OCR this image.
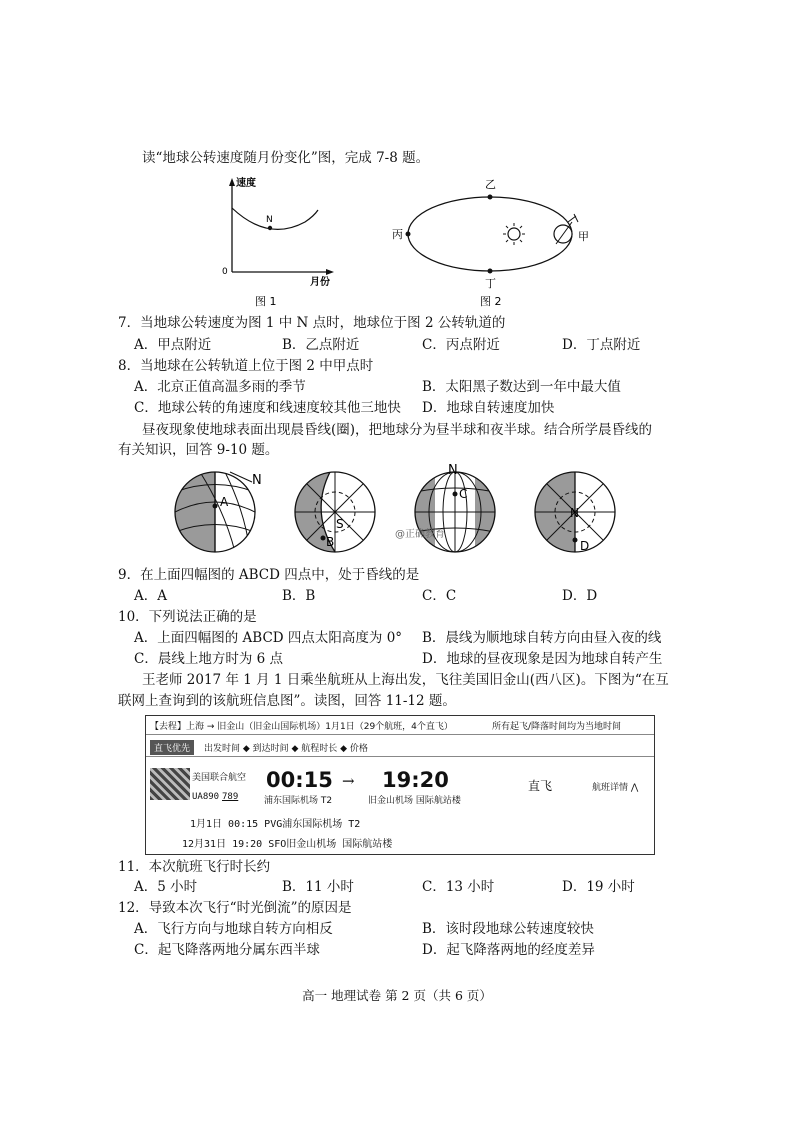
读“地球公转速度随月份变化”图，完成 7-8 题。
N
速度
0
月份
图 1
乙
丙
丁
甲
图 2
7．当地球公转速度为图 1 中 N 点时，地球位于图 2 公转轨道的
A．甲点附近	B．乙点附近	C．丙点附近	D．丁点附近
8．当地球在公转轨道上位于图 2 中甲点时
A．北京正值高温多雨的季节	B．太阳黑子数达到一年中最大值
C．地球公转的角速度和线速度较其他三地快 D．地球自转速度加快
昼夜现象使地球表面出现晨昏线(圈)，把地球分为昼半球和夜半球。结合所学晨昏线的
有关知识，回答 9-10 题。
A
N
S
B
N
C
@正确教育
N
D
9．在上面四幅图的 ABCD 四点中，处于昏线的是
A．A	B．B	C．C	D．D
10．下列说法正确的是
A．上面四幅图的 ABCD 四点太阳高度为 0° B．晨线为顺地球自转方向由昼入夜的线
C．晨线上地方时为 6 点	D．地球的昼夜现象是因为地球自转产生
王老师 2017 年 1 月 1 日乘坐航班从上海出发，飞往美国旧金山(西八区)。下图为“在互
联网上查询到的该航班信息图”。读图，回答 11-12 题。
【去程】上海 → 旧金山（旧金山国际机场）1月1日（29个航班，4个直飞）	所有起飞/降落时间均为当地时间
直飞优先	出发时间 ◆ 到达时间 ◆ 航程时长 ◆ 价格
美国联合航空
UA890 789
00:15 → 19:20
浦东国际机场 T2	旧金山机场 国际航站楼
直飞	航班详情 ⋀
1月1日 00:15 PVG浦东国际机场 T2
12月31日 19:20 SFO旧金山机场 国际航站楼
11．本次航班飞行时长约
A．5 小时	B．11 小时	C．13 小时	D．19 小时
12．导致本次飞行“时光倒流”的原因是
A．飞行方向与地球自转方向相反	B．该时段地球公转速度较快
C．起飞降落两地分属东西半球	D．起飞降落两地的经度差异
高一 地理试卷 第 2 页（共 6 页）
